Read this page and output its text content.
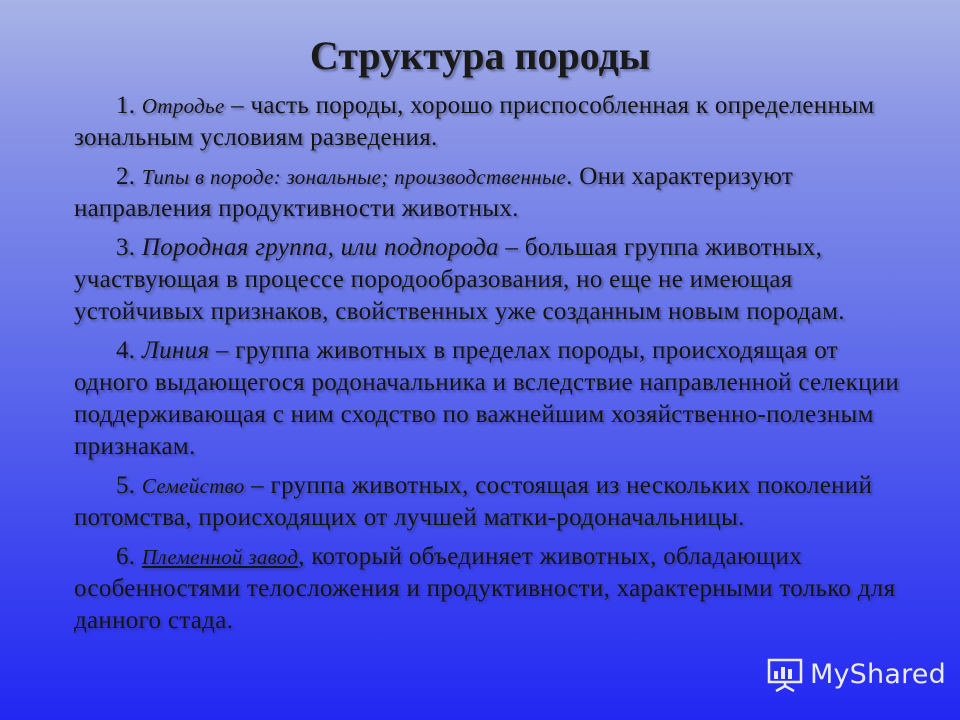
Структура породы

1. Отродье – часть породы, хорошо приспособленная к определенным зональным условиям разведения.

2. Типы в породе: зональные; производственные. Они характеризуют направления продуктивности животных.

3. Породная группа, или подпорода – большая группа животных, участвующая в процессе породообразования, но еще не имеющая устойчивых признаков, свойственных уже созданным новым породам.

4. Линия – группа животных в пределах породы, происходящая от одного выдающегося родоначальника и вследствие направленной селекции поддерживающая с ним сходство по важнейшим хозяйственно-полезным признакам.

5. Семейство – группа животных, состоящая из нескольких поколений потомства, происходящих от лучшей матки-родоначальницы.

6. Племенной завод, который объединяет животных, обладающих особенностями телосложения и продуктивности, характерными только для данного стада.

MyShared
